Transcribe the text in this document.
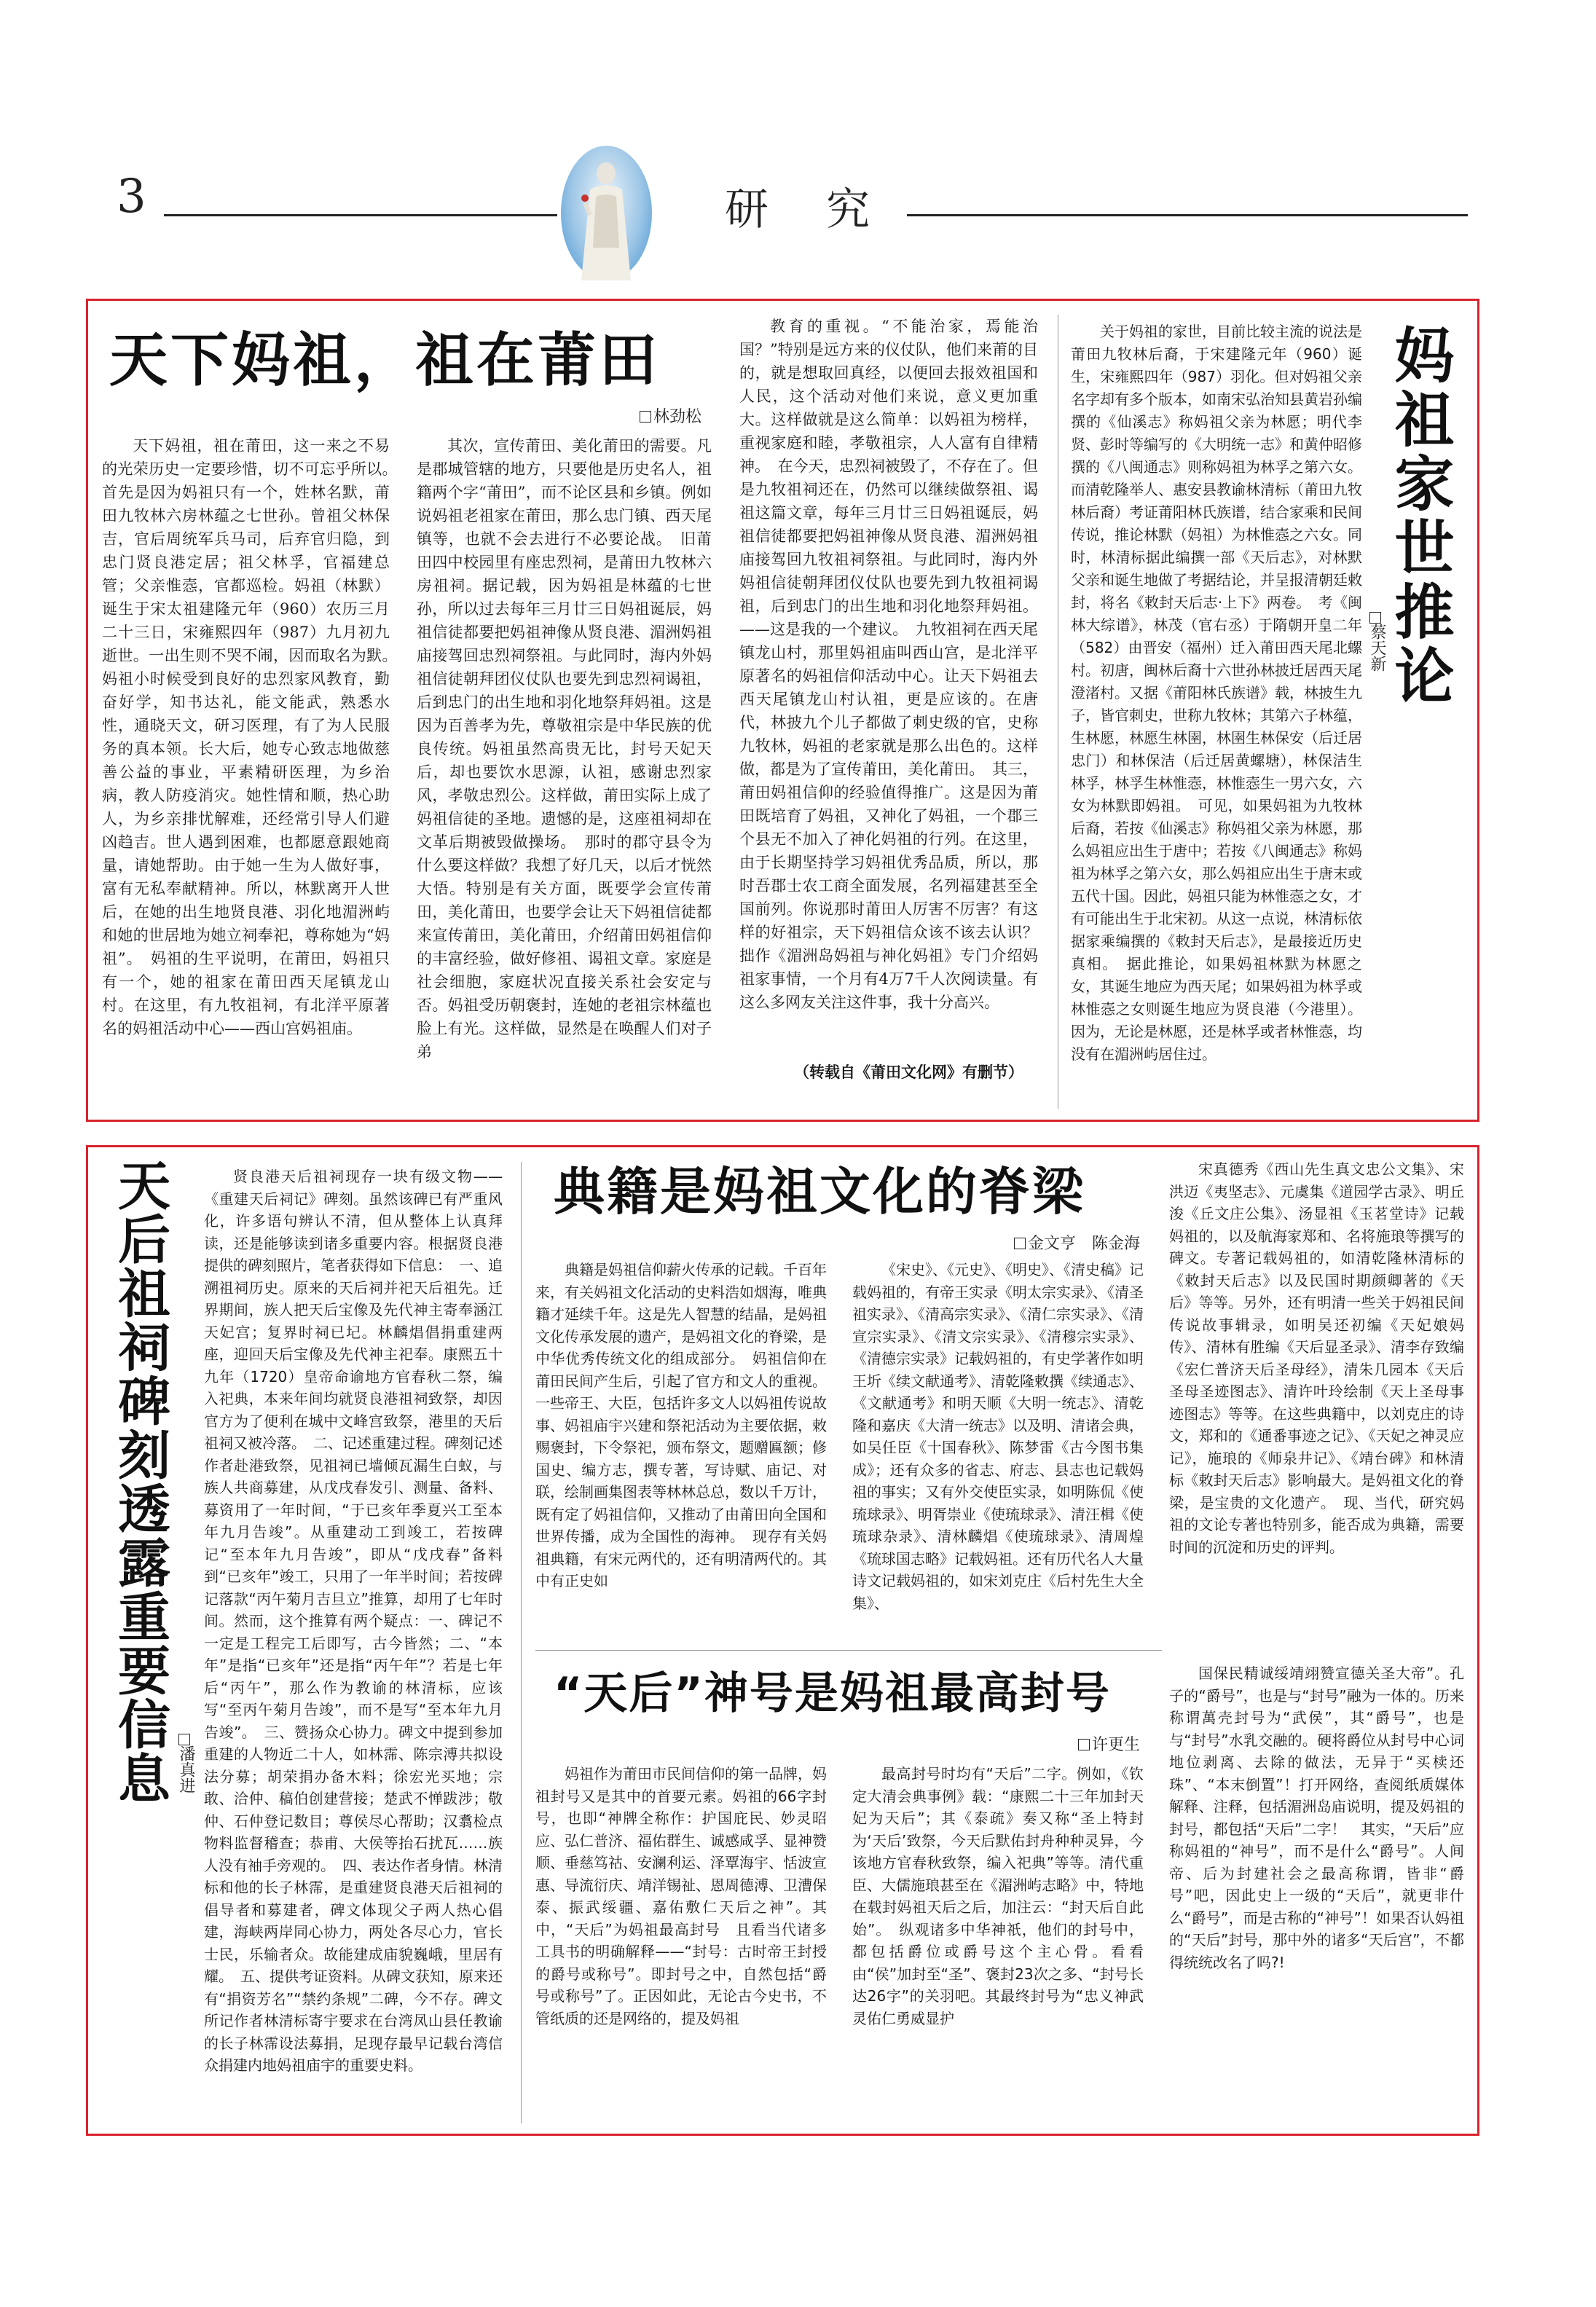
3	研 究
天下妈祖，祖在莆田
林劲松

天下妈祖，祖在莆田，这一来之不易的光荣历史一定要珍惜，切不可忘乎所以。　首先是因为妈祖只有一个，姓林名默，莆田九牧林六房林蕴之七世孙。曾祖父林保吉，官后周统军兵马司，后弃官归隐，到忠门贤良港定居；祖父林孚，官福建总管；父亲惟悫，官都巡检。妈祖（林默）诞生于宋太祖建隆元年（960）农历三月二十三日，宋雍熙四年（987）九月初九逝世。一出生则不哭不闹，因而取名为默。　妈祖小时候受到良好的忠烈家风教育，勤奋好学，知书达礼，能文能武，熟悉水性，通晓天文，研习医理，有了为人民服务的真本领。长大后，她专心致志地做慈善公益的事业，平素精研医理，为乡治病，教人防疫消灾。她性情和顺，热心助人，为乡亲排忧解难，还经常引导人们避凶趋吉。世人遇到困难，也都愿意跟她商量，请她帮助。由于她一生为人做好事，富有无私奉献精神。所以，林默离开人世后，在她的出生地贤良港、羽化地湄洲屿和她的世居地为她立祠奉祀，尊称她为“妈祖”。　妈祖的生平说明，在莆田，妈祖只有一个，她的祖家在莆田西天尾镇龙山村。在这里，有九牧祖祠，有北洋平原著名的妈祖活动中心——西山宫妈祖庙。

其次，宣传莆田、美化莆田的需要。凡是郡城管辖的地方，只要他是历史名人，祖籍两个字“莆田”，而不论区县和乡镇。例如说妈祖老祖家在莆田，那么忠门镇、西天尾镇等，也就不会去进行不必要论战。　旧莆田四中校园里有座忠烈祠，是莆田九牧林六房祖祠。据记载，因为妈祖是林蕴的七世孙，所以过去每年三月廿三日妈祖诞辰，妈祖信徒都要把妈祖神像从贤良港、湄洲妈祖庙接驾回忠烈祠祭祖。与此同时，海内外妈祖信徒朝拜团仪仗队也要先到忠烈祠谒祖，后到忠门的出生地和羽化地祭拜妈祖。这是因为百善孝为先，尊敬祖宗是中华民族的优良传统。妈祖虽然高贵无比，封号天妃天后，却也要饮水思源，认祖，感谢忠烈家风，孝敬忠烈公。这样做，莆田实际上成了妈祖信徒的圣地。遗憾的是，这座祖祠却在文革后期被毁做操场。　那时的郡守县令为什么要这样做？我想了好几天，以后才恍然大悟。特别是有关方面，既要学会宣传莆田，美化莆田，也要学会让天下妈祖信徒都来宣传莆田，美化莆田，介绍莆田妈祖信仰的丰富经验，做好修祖、谒祖文章。家庭是社会细胞，家庭状况直接关系社会安定与否。妈祖受历朝褒封，连她的老祖宗林蕴也脸上有光。这样做，显然是在唤醒人们对子弟

教育的重视。“不能治家，焉能治国？”特别是远方来的仪仗队，他们来莆的目的，就是想取回真经，以便回去报效祖国和人民，这个活动对他们来说，意义更加重大。这样做就是这么简单：以妈祖为榜样，重视家庭和睦，孝敬祖宗，人人富有自律精神。　在今天，忠烈祠被毁了，不存在了。但是九牧祖祠还在，仍然可以继续做祭祖、谒祖这篇文章，每年三月廿三日妈祖诞辰，妈祖信徒都要把妈祖神像从贤良港、湄洲妈祖庙接驾回九牧祖祠祭祖。与此同时，海内外妈祖信徒朝拜团仪仗队也要先到九牧祖祠谒祖，后到忠门的出生地和羽化地祭拜妈祖。——这是我的一个建议。　九牧祖祠在西天尾镇龙山村，那里妈祖庙叫西山宫，是北洋平原著名的妈祖信仰活动中心。让天下妈祖去西天尾镇龙山村认祖，更是应该的。在唐代，林披九个儿子都做了刺史级的官，史称九牧林，妈祖的老家就是那么出色的。这样做，都是为了宣传莆田，美化莆田。　其三，莆田妈祖信仰的经验值得推广。这是因为莆田既培育了妈祖，又神化了妈祖，一个郡三个县无不加入了神化妈祖的行列。在这里，由于长期坚持学习妈祖优秀品质，所以，那时吾郡士农工商全面发展，名列福建甚至全国前列。你说那时莆田人厉害不厉害？有这样的好祖宗，天下妈祖信众该不该去认识？拙作《湄洲岛妈祖与神化妈祖》专门介绍妈祖家事情，一个月有4万7千人次阅读量。有这么多网友关注这件事，我十分高兴。

（转载自《莆田文化网》有删节）

关于妈祖的家世，目前比较主流的说法是莆田九牧林后裔，于宋建隆元年（960）诞生，宋雍熙四年（987）羽化。但对妈祖父亲名字却有多个版本，如南宋弘治知县黄岩孙编撰的《仙溪志》称妈祖父亲为林愿；明代李贤、彭时等编写的《大明统一志》和黄仲昭修撰的《八闽通志》则称妈祖为林孚之第六女。而清乾隆举人、惠安县教谕林清标（莆田九牧林后裔）考证莆阳林氏族谱，结合家乘和民间传说，推论林默（妈祖）为林惟悫之六女。同时，林清标据此编撰一部《天后志》，对林默父亲和诞生地做了考据结论，并呈报清朝廷敕封，将名《敕封天后志·上下》两卷。　考《闽林大综谱》，林茂（官右丞）于隋朝开皇二年（582）由晋安（福州）迁入莆田西天尾北螺村。初唐，闽林后裔十六世孙林披迁居西天尾澄渚村。又据《莆阳林氏族谱》载，林披生九子，皆官刺史，世称九牧林；其第六子林蕴，生林愿，林愿生林圉，林圉生林保安（后迁居忠门）和林保洁（后迁居黄螺塘），林保洁生林孚，林孚生林惟悫，林惟悫生一男六女，六女为林默即妈祖。　可见，如果妈祖为九牧林后裔，若按《仙溪志》称妈祖父亲为林愿，那么妈祖应出生于唐中；若按《八闽通志》称妈祖为林孚之第六女，那么妈祖应出生于唐末或五代十国。因此，妈祖只能为林惟悫之女，才有可能出生于北宋初。从这一点说，林清标依据家乘编撰的《敕封天后志》，是最接近历史真相。　据此推论，如果妈祖林默为林愿之女，其诞生地应为西天尾；如果妈祖为林孚或林惟悫之女则诞生地应为贤良港（今港里）。因为，无论是林愿，还是林孚或者林惟悫，均没有在湄洲屿居住过。

妈祖家世推论
蔡天新
天后祖祠碑刻透露重要信息 潘真进

贤良港天后祖祠现存一块有级文物——《重建天后祠记》碑刻。虽然该碑已有严重风化，许多语句辨认不清，但从整体上认真拜读，还是能够读到诸多重要内容。根据贤良港提供的碑刻照片，笔者获得如下信息：　一、追溯祖祠历史。原来的天后祠并祀天后祖先。迁界期间，族人把天后宝像及先代神主寄奉涵江天妃宫；复界时祠已圮。林麟焻倡捐重建两座，迎回天后宝像及先代神主祀奉。康熙五十九年（1720）皇帝命谕地方官春秋二祭，编入祀典，本来年间均就贤良港祖祠致祭，却因官方为了便利在城中文峰宫致祭，港里的天后祖祠又被冷落。　二、记述重建过程。碑刻记述作者赴港致祭，见祖祠已墙倾瓦漏生白蚁，与族人共商募建，从戊戌春发引、测量、备料、募资用了一年时间，“于已亥年季夏兴工至本年九月告竣”。从重建动工到竣工，若按碑记“至本年九月告竣”，即从“戊戌春”备料到“已亥年”竣工，只用了一年半时间；若按碑记落款“丙午菊月吉旦立”推算，却用了七年时间。然而，这个推算有两个疑点：一、碑记不一定是工程完工后即写，古今皆然；二、“本年”是指“已亥年”还是指“丙午年”？若是七年后“丙午”，那么作为教谕的林清标，应该写“至丙午菊月告竣”，而不是写“至本年九月告竣”。　三、赞扬众心协力。碑文中提到参加重建的人物近二十人，如林霈、陈宗溥共拟设法分募；胡荣捐办备木料；徐宏光买地；宗敢、洽仲、稿伯创建营接；楚武不惮跋涉；敬仲、石仲登记数目；尊侯尽心帮助；汉翥检点物料监督稽查；恭甫、大侯等抬石扰瓦……族人没有袖手旁观的。　四、表达作者身情。林清标和他的长子林霈，是重建贤良港天后祖祠的倡导者和募建者，碑文体现父子两人热心倡建，海峡两岸同心协力，两处各尽心力，官长士民，乐输者众。故能建成庙貌巍峨，里居有耀。　五、提供考证资料。从碑文获知，原来还有“捐资芳名”“禁约条规”二碑，今不存。碑文所记作者林清标寄宇要求在台湾凤山县任教谕的长子林霈设法募捐，足现存最早记载台湾信众捐建内地妈祖庙宇的重要史料。

典籍是妈祖文化的脊梁
金文亨　陈金海

典籍是妈祖信仰薪火传承的记载。千百年来，有关妈祖文化活动的史料浩如烟海，唯典籍才延续千年。这是先人智慧的结晶，是妈祖文化传承发展的遗产，是妈祖文化的脊梁，是中华优秀传统文化的组成部分。　妈祖信仰在莆田民间产生后，引起了官方和文人的重视。一些帝王、大臣，包括许多文人以妈祖传说故事、妈祖庙宇兴建和祭祀活动为主要依据，敕赐褒封，下令祭祀，颁布祭文，题赠匾额；修国史、编方志，撰专著，写诗赋、庙记、对联，绘制画集图表等林林总总，数以千万计，既有定了妈祖信仰，又推动了由莆田向全国和世界传播，成为全国性的海神。　现存有关妈祖典籍，有宋元两代的，还有明清两代的。其中有正史如

《宋史》、《元史》、《明史》、《清史稿》记载妈祖的，有帝王实录《明太宗实录》、《清圣祖实录》、《清高宗实录》、《清仁宗实录》、《清宣宗实录》、《清文宗实录》、《清穆宗实录》、《清德宗实录》记载妈祖的，有史学著作如明王圻《续文献通考》、清乾隆敕撰《续通志》、《文献通考》和明天顺《大明一统志》、清乾隆和嘉庆《大清一统志》以及明、清诸会典，如吴任臣《十国春秋》、陈梦雷《古今图书集成》；还有众多的省志、府志、县志也记载妈祖的事实；又有外交使臣实录，如明陈侃《使琉球录》、明胥崇业《使琉球录》、清汪楫《使琉球杂录》、清林麟焻《使琉球录》、清周煌《琉球国志略》记载妈祖。还有历代名人大量诗文记载妈祖的，如宋刘克庄《后村先生大全集》、

宋真德秀《西山先生真文忠公文集》、宋洪迈《夷坚志》、元虞集《道园学古录》、明丘浚《丘文庄公集》、汤显祖《玉茗堂诗》记载妈祖的，以及航海家郑和、名将施琅等撰写的碑文。专著记载妈祖的，如清乾隆林清标的《敕封天后志》以及民国时期颜卿著的《天后》等等。另外，还有明清一些关于妈祖民间传说故事辑录，如明吴还初编《天妃娘妈传》、清林有胜编《天后显圣录》、清李存致编《宏仁普济天后圣母经》，清朱几园本《天后圣母圣迹图志》、清许叶玲绘制《天上圣母事迹图志》等等。在这些典籍中，以刘克庄的诗文，郑和的《通番事迹之记》、《天妃之神灵应记》，施琅的《师泉井记》、《靖台碑》和林清标《敕封天后志》影响最大。是妈祖文化的脊梁，是宝贵的文化遗产。　现、当代，研究妈祖的文论专著也特别多，能否成为典籍，需要时间的沉淀和历史的评判。

“天后”神号是妈祖最高封号
许更生

妈祖作为莆田市民间信仰的第一品牌，妈祖封号又是其中的首要元素。妈祖的66字封号，也即“神牌全称作：护国庇民、妙灵昭应、弘仁普济、福佑群生、诚感咸孚、显神赞顺、垂慈笃祜、安澜利运、泽覃海宇、恬波宣惠、导流衍庆、靖洋锡祉、恩周德溥、卫漕保泰、振武绥疆、嘉佑敷仁天后之神”。其中，“天后”为妈祖最高封号　且看当代诸多工具书的明确解释——“封号：古时帝王封授的爵号或称号”。即封号之中，自然包括“爵号或称号”了。正因如此，无论古今史书，不管纸质的还是网络的，提及妈祖

最高封号时均有“天后”二字。例如，《钦定大清会典事例》载：“康熙二十三年加封天妃为天后”；其《泰疏》奏又称“圣上特封为‘天后’致祭，今天后默佑封舟种种灵异，今该地方官春秋致祭，编入祀典”等等。清代重臣、大儒施琅甚至在《湄洲屿志略》中，特地在载封妈祖天后之后，加注云：“封天后自此始”。　纵观诸多中华神祇，他们的封号中，都包括爵位或爵号这个主心骨。看看由“侯”加封至“圣”、褒封23次之多、“封号长达26字”的关羽吧。其最终封号为“忠义神武灵佑仁勇威显护

国保民精诚绥靖翊赞宣德关圣大帝”。孔子的“爵号”，也是与“封号”融为一体的。历来称谓萬壳封号为“武侯”，其“爵号”，也是与“封号”水乳交融的。硬将爵位从封号中心词地位剥离、去除的做法，无异于“买椟还珠”、“本末倒置”！打开网络，查阅纸质媒体解释、注释，包括湄洲岛庙说明，提及妈祖的封号，都包括“天后”二字！　其实，“天后”应称妈祖的“神号”，而不是什么“爵号”。人间帝、后为封建社会之最高称谓，皆非“爵号”吧，因此史上一级的“天后”，就更非什么“爵号”，而是古称的“神号”！如果否认妈祖的“天后”封号，那中外的诸多“天后宫”，不都得统统改名了吗?!
